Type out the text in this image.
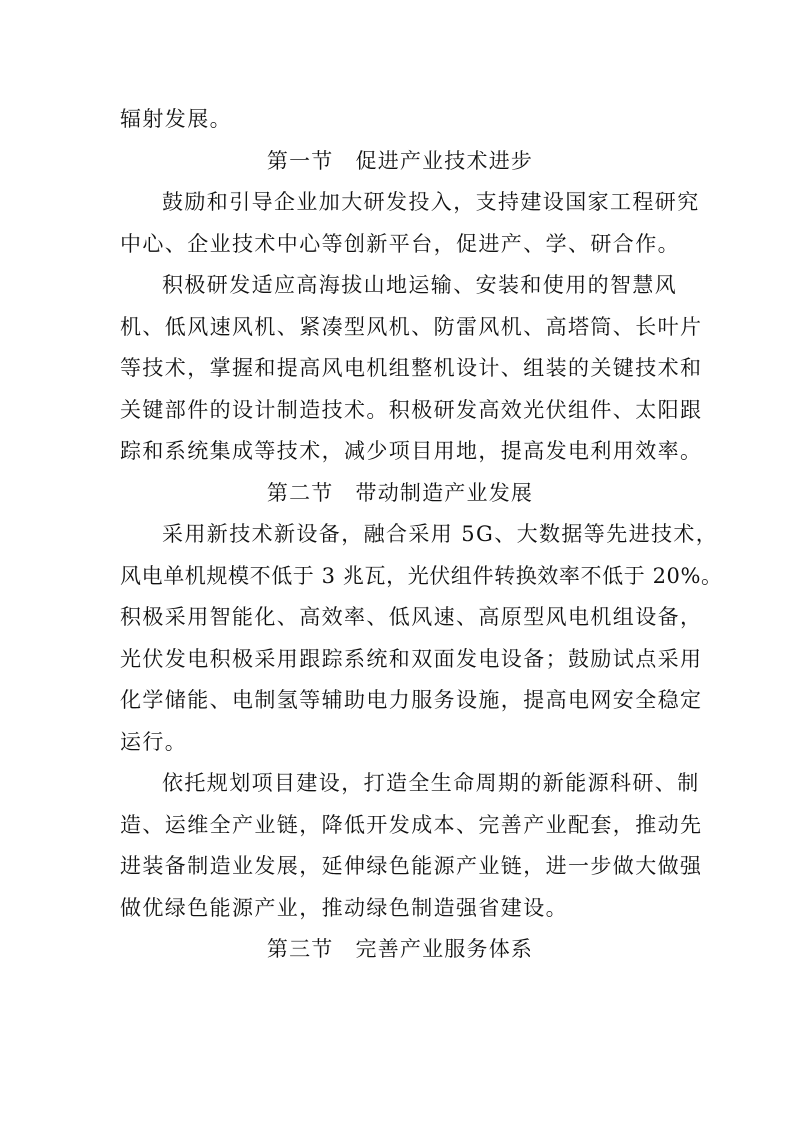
辐射发展。
第一节 促进产业技术进步
鼓励和引导企业加大研发投入，支持建设国家工程研究
中心、企业技术中心等创新平台，促进产、学、研合作。
积极研发适应高海拔山地运输、安装和使用的智慧风
机、低风速风机、紧凑型风机、防雷风机、高塔筒、长叶片
等技术，掌握和提高风电机组整机设计、组装的关键技术和
关键部件的设计制造技术。积极研发高效光伏组件、太阳跟
踪和系统集成等技术，减少项目用地，提高发电利用效率。
第二节 带动制造产业发展
采用新技术新设备，融合采用 5G、大数据等先进技术，
风电单机规模不低于 3 兆瓦，光伏组件转换效率不低于 20%。
积极采用智能化、高效率、低风速、高原型风电机组设备，
光伏发电积极采用跟踪系统和双面发电设备；鼓励试点采用
化学储能、电制氢等辅助电力服务设施，提高电网安全稳定
运行。
依托规划项目建设，打造全生命周期的新能源科研、制
造、运维全产业链，降低开发成本、完善产业配套，推动先
进装备制造业发展，延伸绿色能源产业链，进一步做大做强
做优绿色能源产业，推动绿色制造强省建设。
第三节 完善产业服务体系
